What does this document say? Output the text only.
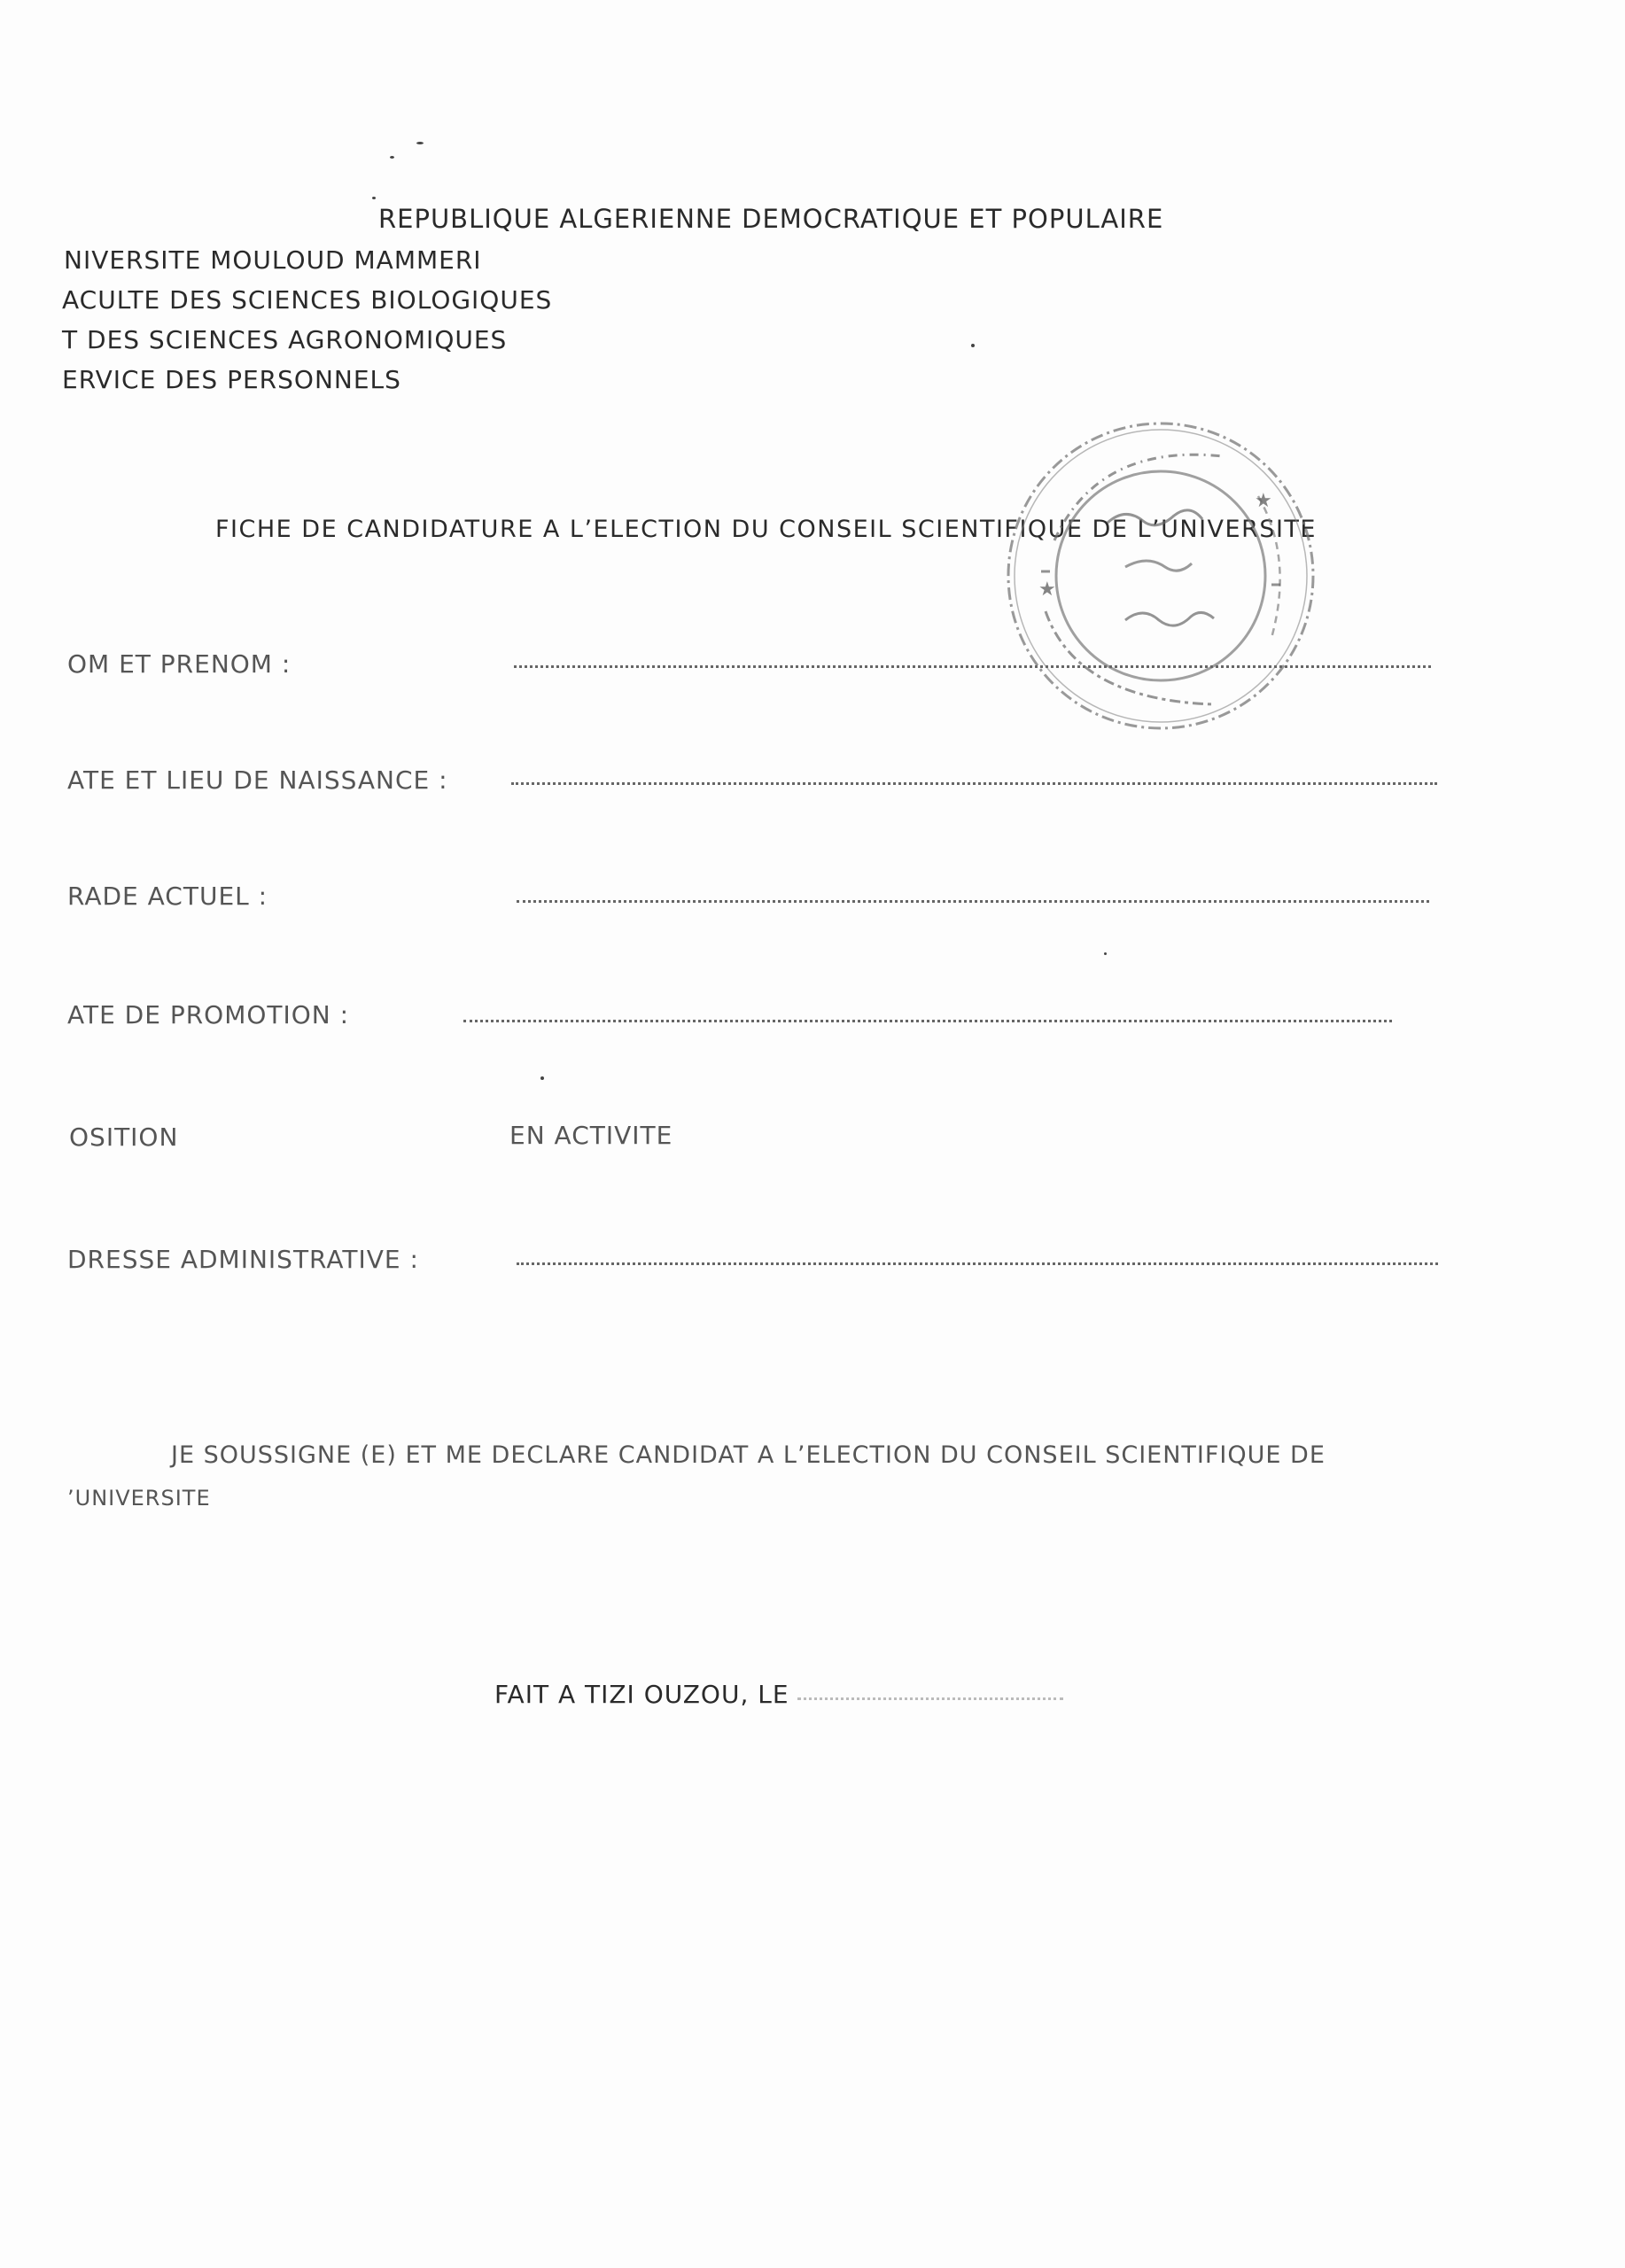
REPUBLIQUE ALGERIENNE DEMOCRATIQUE ET POPULAIRE
NIVERSITE MOULOUD MAMMERI
ACULTE DES SCIENCES BIOLOGIQUES
T DES SCIENCES AGRONOMIQUES
ERVICE DES PERSONNELS
FICHE DE CANDIDATURE A L’ELECTION DU CONSEIL SCIENTIFIQUE DE L’UNIVERSITE
★
★
OM ET PRENOM :
ATE ET LIEU DE NAISSANCE :
RADE ACTUEL :
ATE DE PROMOTION :
OSITION	EN ACTIVITE
DRESSE ADMINISTRATIVE :
JE SOUSSIGNE (E) ET ME DECLARE CANDIDAT A L’ELECTION DU CONSEIL SCIENTIFIQUE DE
’UNIVERSITE
FAIT A TIZI OUZOU, LE
